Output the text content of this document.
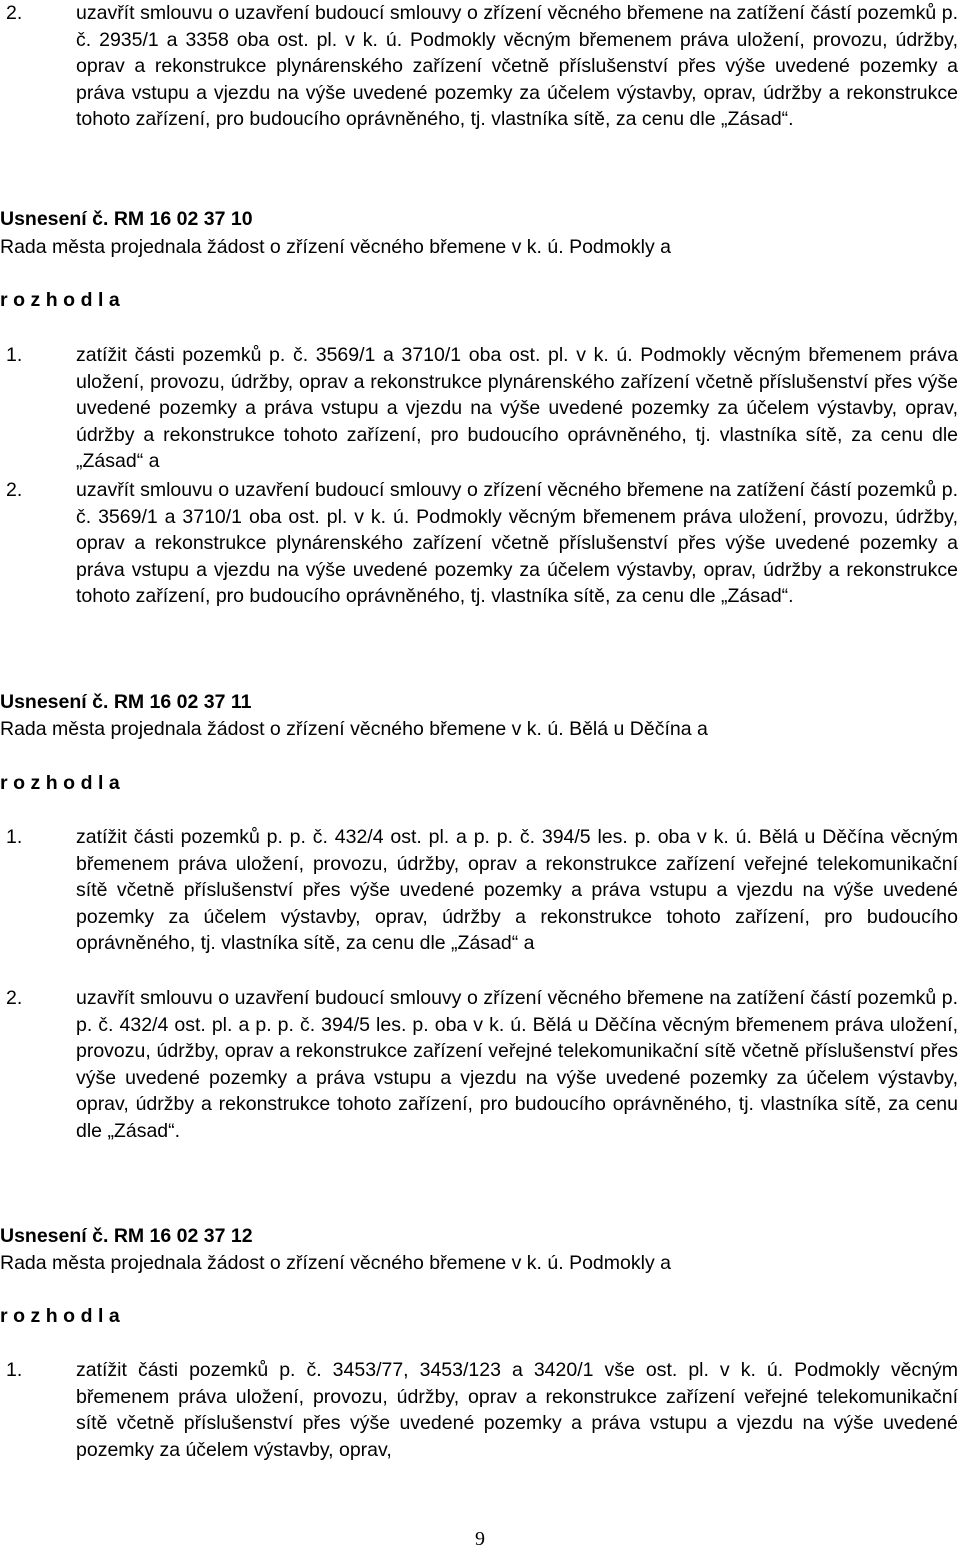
2.	uzavřít smlouvu o uzavření budoucí smlouvy o zřízení věcného břemene na zatížení částí pozemků p. č. 2935/1 a 3358 oba ost. pl. v k. ú. Podmokly věcným břemenem práva uložení, provozu, údržby, oprav a rekonstrukce plynárenského zařízení včetně příslušenství přes výše uvedené pozemky a práva vstupu a vjezdu na výše uvedené pozemky za účelem výstavby, oprav, údržby a rekonstrukce tohoto zařízení, pro budoucího oprávněného, tj. vlastníka sítě, za cenu dle „Zásad“.
Usnesení č. RM 16 02 37 10
Rada města projednala žádost o zřízení věcného břemene v k. ú. Podmokly a
rozhodla
1.	zatížit části pozemků p. č. 3569/1 a 3710/1 oba ost. pl. v k. ú. Podmokly věcným břemenem práva uložení, provozu, údržby, oprav a rekonstrukce plynárenského zařízení včetně příslušenství přes výše uvedené pozemky a práva vstupu a vjezdu na výše uvedené pozemky za účelem výstavby, oprav, údržby a rekonstrukce tohoto zařízení, pro budoucího oprávněného, tj. vlastníka sítě, za cenu dle „Zásad“ a
2.	uzavřít smlouvu o uzavření budoucí smlouvy o zřízení věcného břemene na zatížení částí pozemků p. č. 3569/1 a 3710/1 oba ost. pl. v k. ú. Podmokly věcným břemenem práva uložení, provozu, údržby, oprav a rekonstrukce plynárenského zařízení včetně příslušenství přes výše uvedené pozemky a práva vstupu a vjezdu na výše uvedené pozemky za účelem výstavby, oprav, údržby a rekonstrukce tohoto zařízení, pro budoucího oprávněného, tj. vlastníka sítě, za cenu dle „Zásad“.
Usnesení č. RM 16 02 37 11
Rada města projednala žádost o zřízení věcného břemene v k. ú. Bělá u Děčína a
rozhodla
1.	zatížit části pozemků p. p. č. 432/4 ost. pl. a p. p. č. 394/5 les. p. oba v k. ú. Bělá u Děčína věcným břemenem práva uložení, provozu, údržby, oprav a rekonstrukce zařízení veřejné telekomunikační sítě včetně příslušenství přes výše uvedené pozemky a práva vstupu a vjezdu na výše uvedené pozemky za účelem výstavby, oprav, údržby a rekonstrukce tohoto zařízení, pro budoucího oprávněného, tj. vlastníka sítě, za cenu dle „Zásad“ a
2.	uzavřít smlouvu o uzavření budoucí smlouvy o zřízení věcného břemene na zatížení částí pozemků p. p. č. 432/4 ost. pl. a p. p. č. 394/5 les. p. oba v k. ú. Bělá u Děčína věcným břemenem práva uložení, provozu, údržby, oprav a rekonstrukce zařízení veřejné telekomunikační sítě včetně příslušenství přes výše uvedené pozemky a práva vstupu a vjezdu na výše uvedené pozemky za účelem výstavby, oprav, údržby a rekonstrukce tohoto zařízení, pro budoucího oprávněného, tj. vlastníka sítě, za cenu dle „Zásad“.
Usnesení č. RM 16 02 37 12
Rada města projednala žádost o zřízení věcného břemene v k. ú. Podmokly a
rozhodla
1.	zatížit části pozemků p. č. 3453/77, 3453/123 a 3420/1 vše ost. pl. v k. ú. Podmokly věcným břemenem práva uložení, provozu, údržby, oprav a rekonstrukce zařízení veřejné telekomunikační sítě včetně příslušenství přes výše uvedené pozemky a práva vstupu a vjezdu na výše uvedené pozemky za účelem výstavby, oprav,
9
